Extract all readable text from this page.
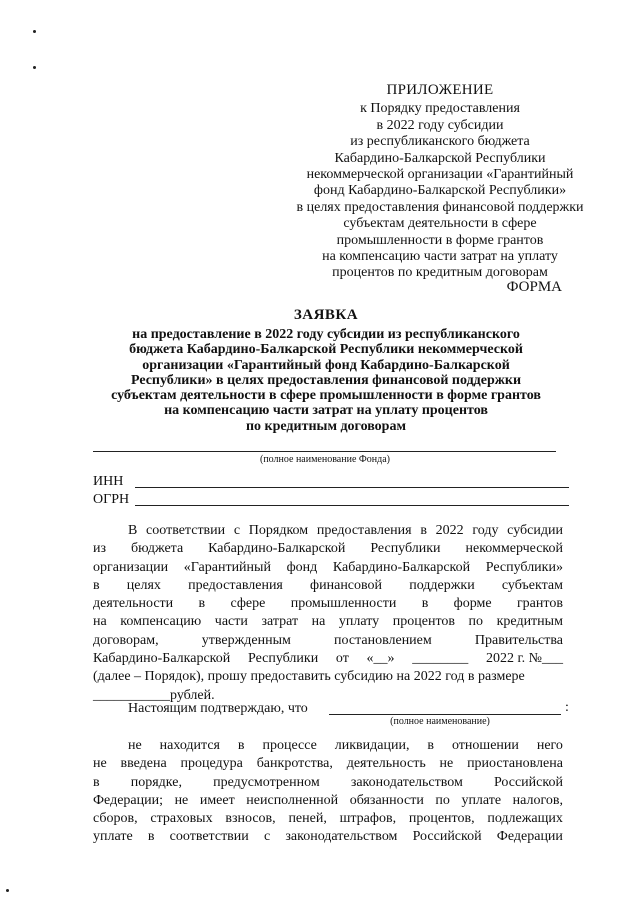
ПРИЛОЖЕНИЕ
к Порядку предоставления
в 2022 году субсидии
из республиканского бюджета
Кабардино-Балкарской Республики
некоммерческой организации «Гарантийный
фонд Кабардино-Балкарской Республики»
в целях предоставления финансовой поддержки
субъектам деятельности в сфере
промышленности в форме грантов
на компенсацию части затрат на уплату
процентов по кредитным договорам
ФОРМА
ЗАЯВКА
на предоставление в 2022 году субсидии из республиканского
бюджета Кабардино-Балкарской Республики некоммерческой
организации «Гарантийный фонд Кабардино-Балкарской
Республики» в целях предоставления финансовой поддержки
субъектам деятельности в сфере промышленности в форме грантов
на компенсацию части затрат на уплату процентов
по кредитным договорам
(полное наименование Фонда)
ИНН
ОГРН
В соответствии с Порядком предоставления в 2022 году субсидии
из бюджета Кабардино-Балкарской Республики некоммерческой
организации «Гарантийный фонд Кабардино-Балкарской Республики»
в целях предоставления финансовой поддержки субъектам
деятельности в сфере промышленности в форме грантов
на компенсацию части затрат на уплату процентов по кредитным
договорам,	утвержденным	постановлением	Правительства
Кабардино-Балкарской Республики от «__» ________ 2022 г. №___
(далее – Порядок), прошу предоставить субсидию на 2022 год в размере
___________рублей.
Настоящим подтверждаю, что	:
(полное наименование)
не находится в процессе ликвидации, в отношении него
не введена процедура банкротства, деятельность не приостановлена
в порядке, предусмотренном законодательством Российской
Федерации; не имеет неисполненной обязанности по уплате налогов,
сборов, страховых взносов, пеней, штрафов, процентов, подлежащих
уплате в соответствии с законодательством Российской Федерации
